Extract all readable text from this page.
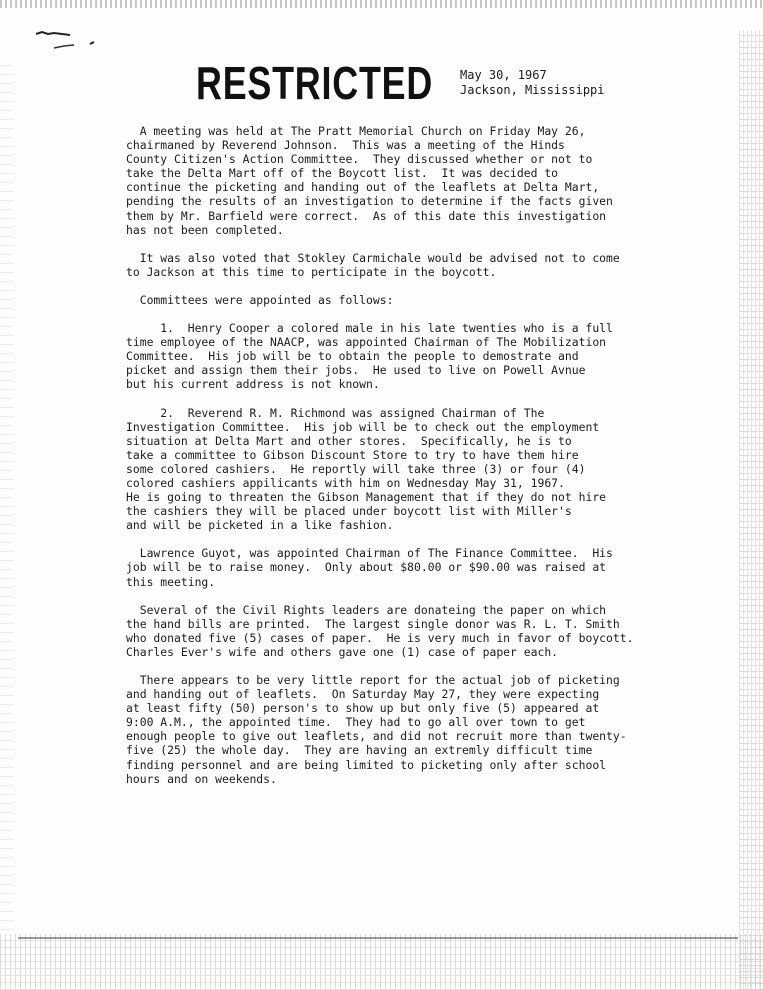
RESTRICTED May 30, 1967
Jackson, Mississippi
A meeting was held at The Pratt Memorial Church on Friday May 26,
chairmaned by Reverend Johnson.  This was a meeting of the Hinds
County Citizen's Action Committee.  They discussed whether or not to
take the Delta Mart off of the Boycott list.  It was decided to
continue the picketing and handing out of the leaflets at Delta Mart,
pending the results of an investigation to determine if the facts given
them by Mr. Barfield were correct.  As of this date this investigation
has not been completed.
It was also voted that Stokley Carmichale would be advised not to come
to Jackson at this time to perticipate in the boycott.
Committees were appointed as follows:
1.  Henry Cooper a colored male in his late twenties who is a full
time employee of the NAACP, was appointed Chairman of The Mobilization
Committee.  His job will be to obtain the people to demostrate and
picket and assign them their jobs.  He used to live on Powell Avnue
but his current address is not known.
2.  Reverend R. M. Richmond was assigned Chairman of The
Investigation Committee.  His job will be to check out the employment
situation at Delta Mart and other stores.  Specifically, he is to
take a committee to Gibson Discount Store to try to have them hire
some colored cashiers.  He reportly will take three (3) or four (4)
colored cashiers appilicants with him on Wednesday May 31, 1967.
He is going to threaten the Gibson Management that if they do not hire
the cashiers they will be placed under boycott list with Miller's
and will be picketed in a like fashion.
Lawrence Guyot, was appointed Chairman of The Finance Committee.  His
job will be to raise money.  Only about $80.00 or $90.00 was raised at
this meeting.
Several of the Civil Rights leaders are donateing the paper on which
the hand bills are printed.  The largest single donor was R. L. T. Smith
who donated five (5) cases of paper.  He is very much in favor of boycott.
Charles Ever's wife and others gave one (1) case of paper each.
There appears to be very little report for the actual job of picketing
and handing out of leaflets.  On Saturday May 27, they were expecting
at least fifty (50) person's to show up but only five (5) appeared at
9:00 A.M., the appointed time.  They had to go all over town to get
enough people to give out leaflets, and did not recruit more than twenty-
five (25) the whole day.  They are having an extremly difficult time
finding personnel and are being limited to picketing only after school
hours and on weekends.
